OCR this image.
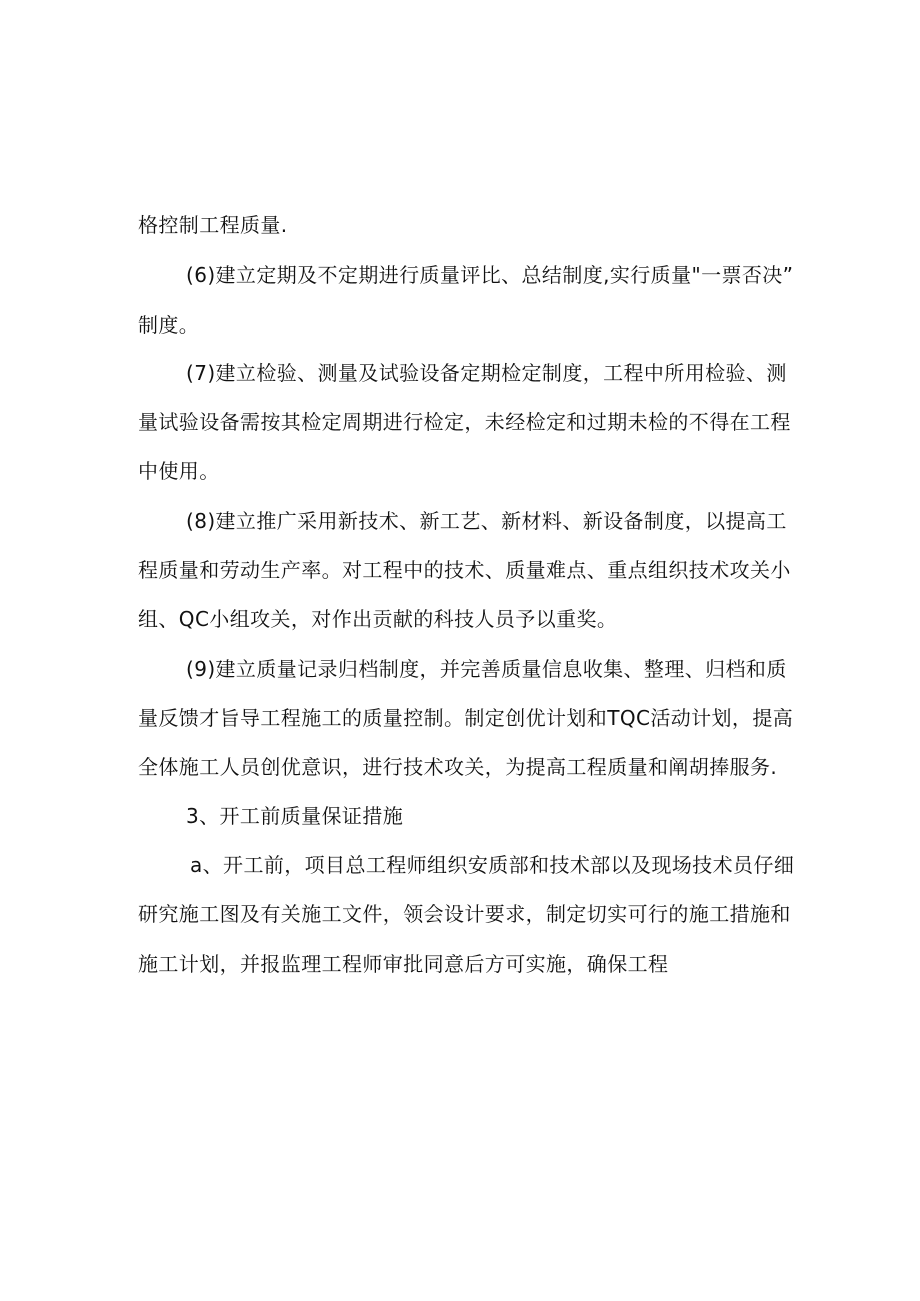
格控制工程质量.
(6)建立定期及不定期进行质量评比、总结制度,实行质量"一票否决”
制度。
(7)建立检验、测量及试验设备定期检定制度，工程中所用检验、测
量试验设备需按其检定周期进行检定，未经检定和过期未检的不得在工程
中使用。
(8)建立推广采用新技术、新工艺、新材料、新设备制度，以提高工
程质量和劳动生产率。对工程中的技术、质量难点、重点组织技术攻关小
组、QC小组攻关，对作出贡献的科技人员予以重奖。
(9)建立质量记录归档制度，并完善质量信息收集、整理、归档和质
量反馈才旨导工程施工的质量控制。制定创优计划和TQC活动计划，提高
全体施工人员创优意识，进行技术攻关，为提高工程质量和阐胡捧服务.
3、开工前质量保证措施
a、开工前，项目总工程师组织安质部和技术部以及现场技术员仔细
研究施工图及有关施工文件，领会设计要求，制定切实可行的施工措施和
施工计划，并报监理工程师审批同意后方可实施，确保工程
